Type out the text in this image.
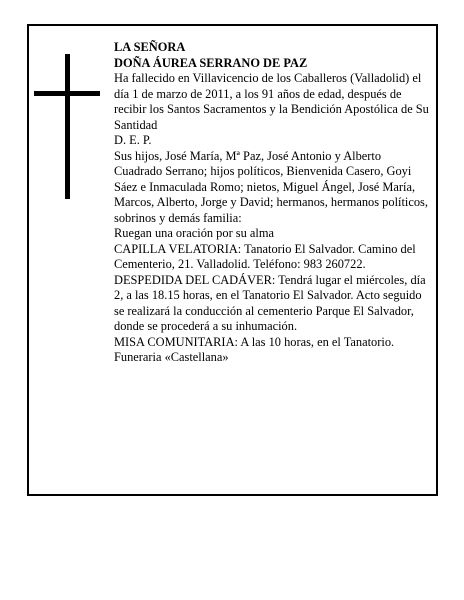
LA SEÑORA

DOÑA ÁUREA SERRANO DE PAZ

Ha fallecido en Villavicencio de los Caballeros (Valladolid) el día 1 de marzo de 2011, a los 91 años de edad, después de recibir los Santos Sacramentos y la Bendición Apostólica de Su Santidad

D. E. P.

Sus hijos, José María, Mª Paz, José Antonio y Alberto Cuadrado Serrano; hijos políticos, Bienvenida Casero, Goyi Sáez e Inmaculada Romo; nietos, Miguel Ángel, José María, Marcos, Alberto, Jorge y David; hermanos, hermanos políticos, sobrinos y demás familia:

Ruegan una oración por su alma

CAPILLA VELATORIA: Tanatorio El Salvador. Camino del Cementerio, 21. Valladolid. Teléfono: 983 260722.

DESPEDIDA DEL CADÁVER: Tendrá lugar el miércoles, día 2, a las 18.15 horas, en el Tanatorio El Salvador. Acto seguido se realizará la conducción al cementerio Parque El Salvador, donde se procederá a su inhumación.

MISA COMUNITARIA: A las 10 horas, en el Tanatorio.

Funeraria «Castellana»
